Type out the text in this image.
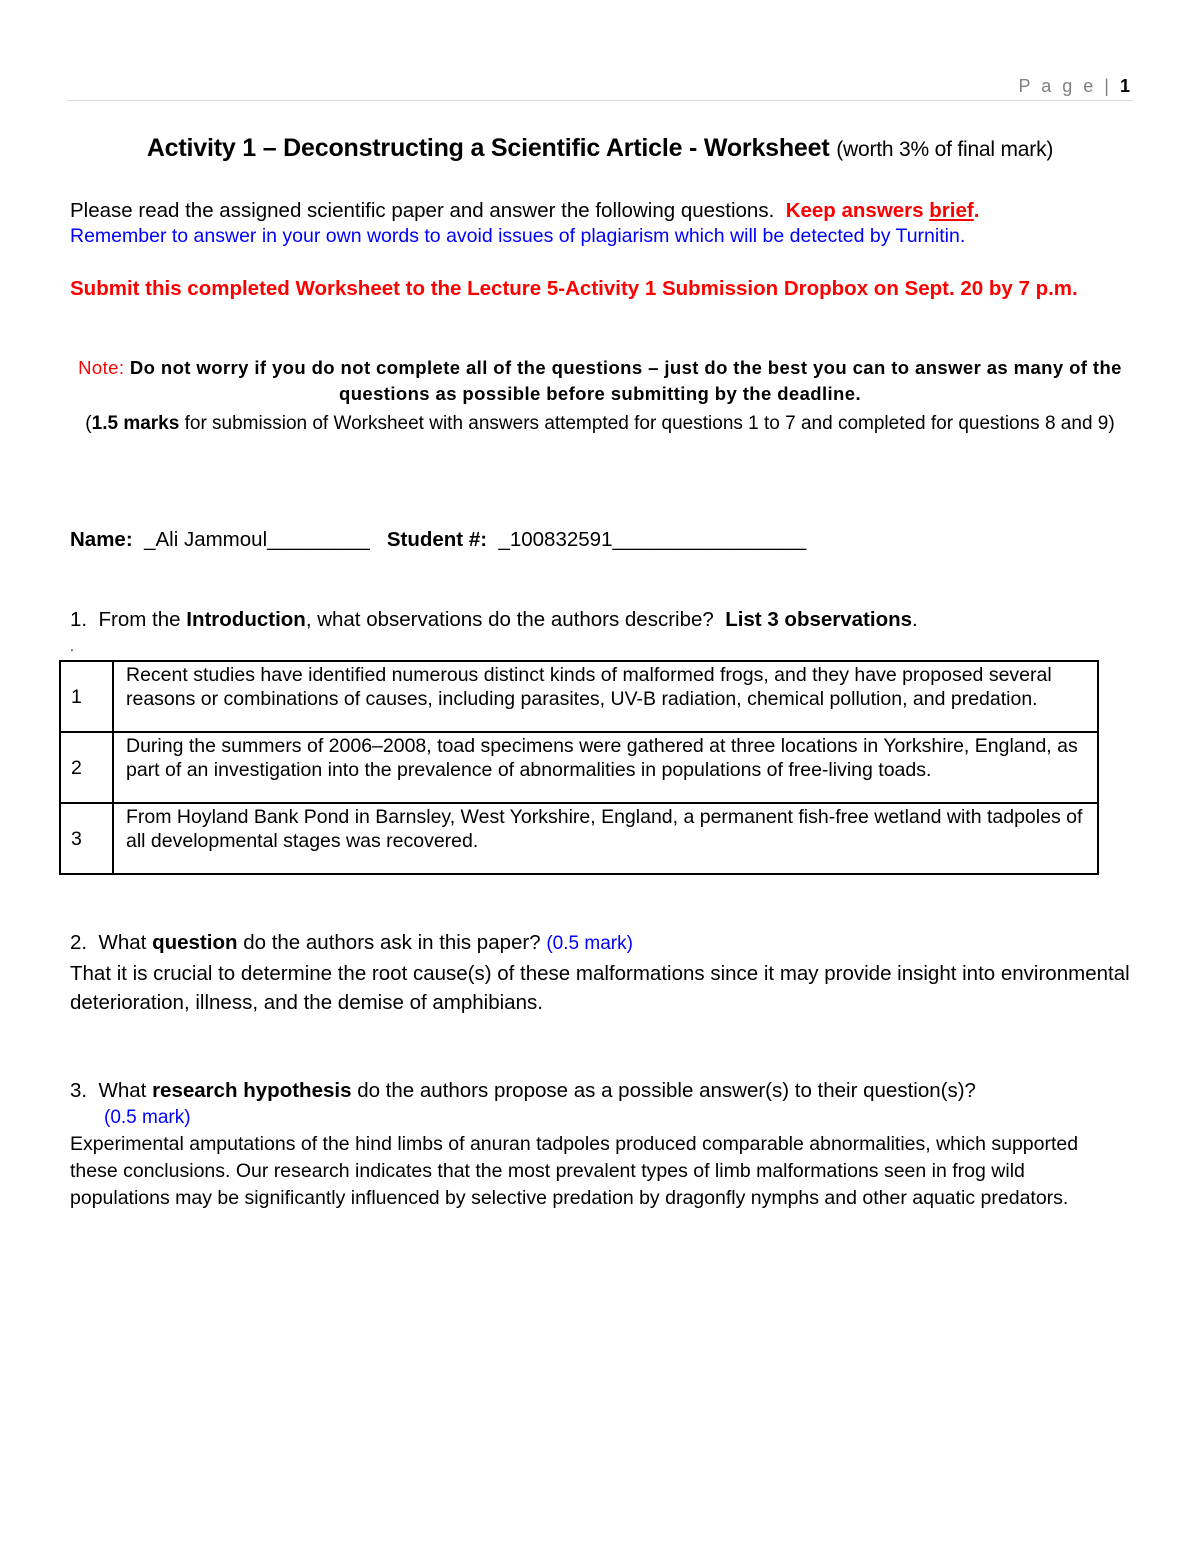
P a g e | 1
Activity 1 – Deconstructing a Scientific Article - Worksheet (worth 3% of final mark)
Please read the assigned scientific paper and answer the following questions. Keep answers brief.
Remember to answer in your own words to avoid issues of plagiarism which will be detected by Turnitin.
Submit this completed Worksheet to the Lecture 5-Activity 1 Submission Dropbox on Sept. 20 by 7 p.m.
Note: Do not worry if you do not complete all of the questions – just do the best you can to answer as many of the questions as possible before submitting by the deadline.
(1.5 marks for submission of Worksheet with answers attempted for questions 1 to 7 and completed for questions 8 and 9)
Name: _Ali Jammoul_________ Student #: _100832591_________________
1. From the Introduction, what observations do the authors describe? List 3 observations.
.
1	Recent studies have identified numerous distinct kinds of malformed frogs, and they have proposed several reasons or combinations of causes, including parasites, UV-B radiation, chemical pollution, and predation.

2	During the summers of 2006–2008, toad specimens were gathered at three locations in Yorkshire, England, as part of an investigation into the prevalence of abnormalities in populations of free-living toads.

3	From Hoyland Bank Pond in Barnsley, West Yorkshire, England, a permanent fish-free wetland with tadpoles of all developmental stages was recovered.
2. What question do the authors ask in this paper? (0.5 mark)
That it is crucial to determine the root cause(s) of these malformations since it may provide insight into environmental deterioration, illness, and the demise of amphibians.
3. What research hypothesis do the authors propose as a possible answer(s) to their question(s)?
(0.5 mark)
Experimental amputations of the hind limbs of anuran tadpoles produced comparable abnormalities, which supported these conclusions. Our research indicates that the most prevalent types of limb malformations seen in frog wild populations may be significantly influenced by selective predation by dragonfly nymphs and other aquatic predators.
